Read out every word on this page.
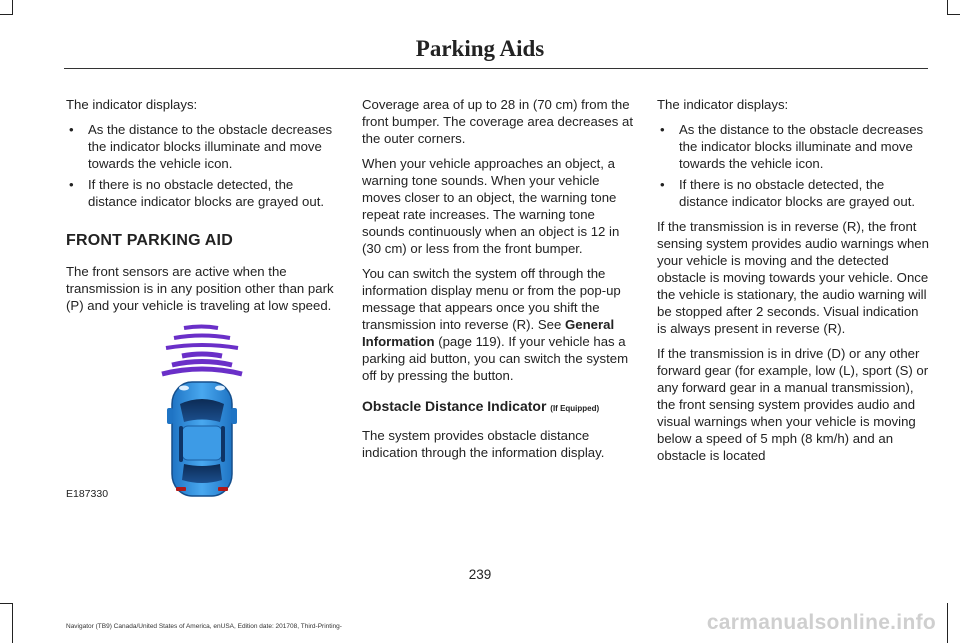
Parking Aids

The indicator displays:

• As the distance to the obstacle decreases the indicator blocks illuminate and move towards the vehicle icon.
• If there is no obstacle detected, the distance indicator blocks are grayed out.
FRONT PARKING AID

The front sensors are active when the transmission is in any position other than park (P) and your vehicle is traveling at low speed.

E187330

Coverage area of up to 28 in (70 cm) from the front bumper. The coverage area decreases at the outer corners.

When your vehicle approaches an object, a warning tone sounds. When your vehicle moves closer to an object, the warning tone repeat rate increases. The warning tone sounds continuously when an object is 12 in (30 cm) or less from the front bumper.

You can switch the system off through the information display menu or from the pop-up message that appears once you shift the transmission into reverse (R). See General Information (page 119). If your vehicle has a parking aid button, you can switch the system off by pressing the button.

Obstacle Distance Indicator (If Equipped)

The system provides obstacle distance indication through the information display.

The indicator displays:

• As the distance to the obstacle decreases the indicator blocks illuminate and move towards the vehicle icon.
• If there is no obstacle detected, the distance indicator blocks are grayed out.

If the transmission is in reverse (R), the front sensing system provides audio warnings when your vehicle is moving and the detected obstacle is moving towards your vehicle. Once the vehicle is stationary, the audio warning will be stopped after 2 seconds. Visual indication is always present in reverse (R).

If the transmission is in drive (D) or any other forward gear (for example, low (L), sport (S) or any forward gear in a manual transmission), the front sensing system provides audio and visual warnings when your vehicle is moving below a speed of 5 mph (8 km/h) and an obstacle is located

239
Navigator (TB9) Canada/United States of America, enUSA, Edition date: 201708, Third-Printing-	carmanualsonline.info
